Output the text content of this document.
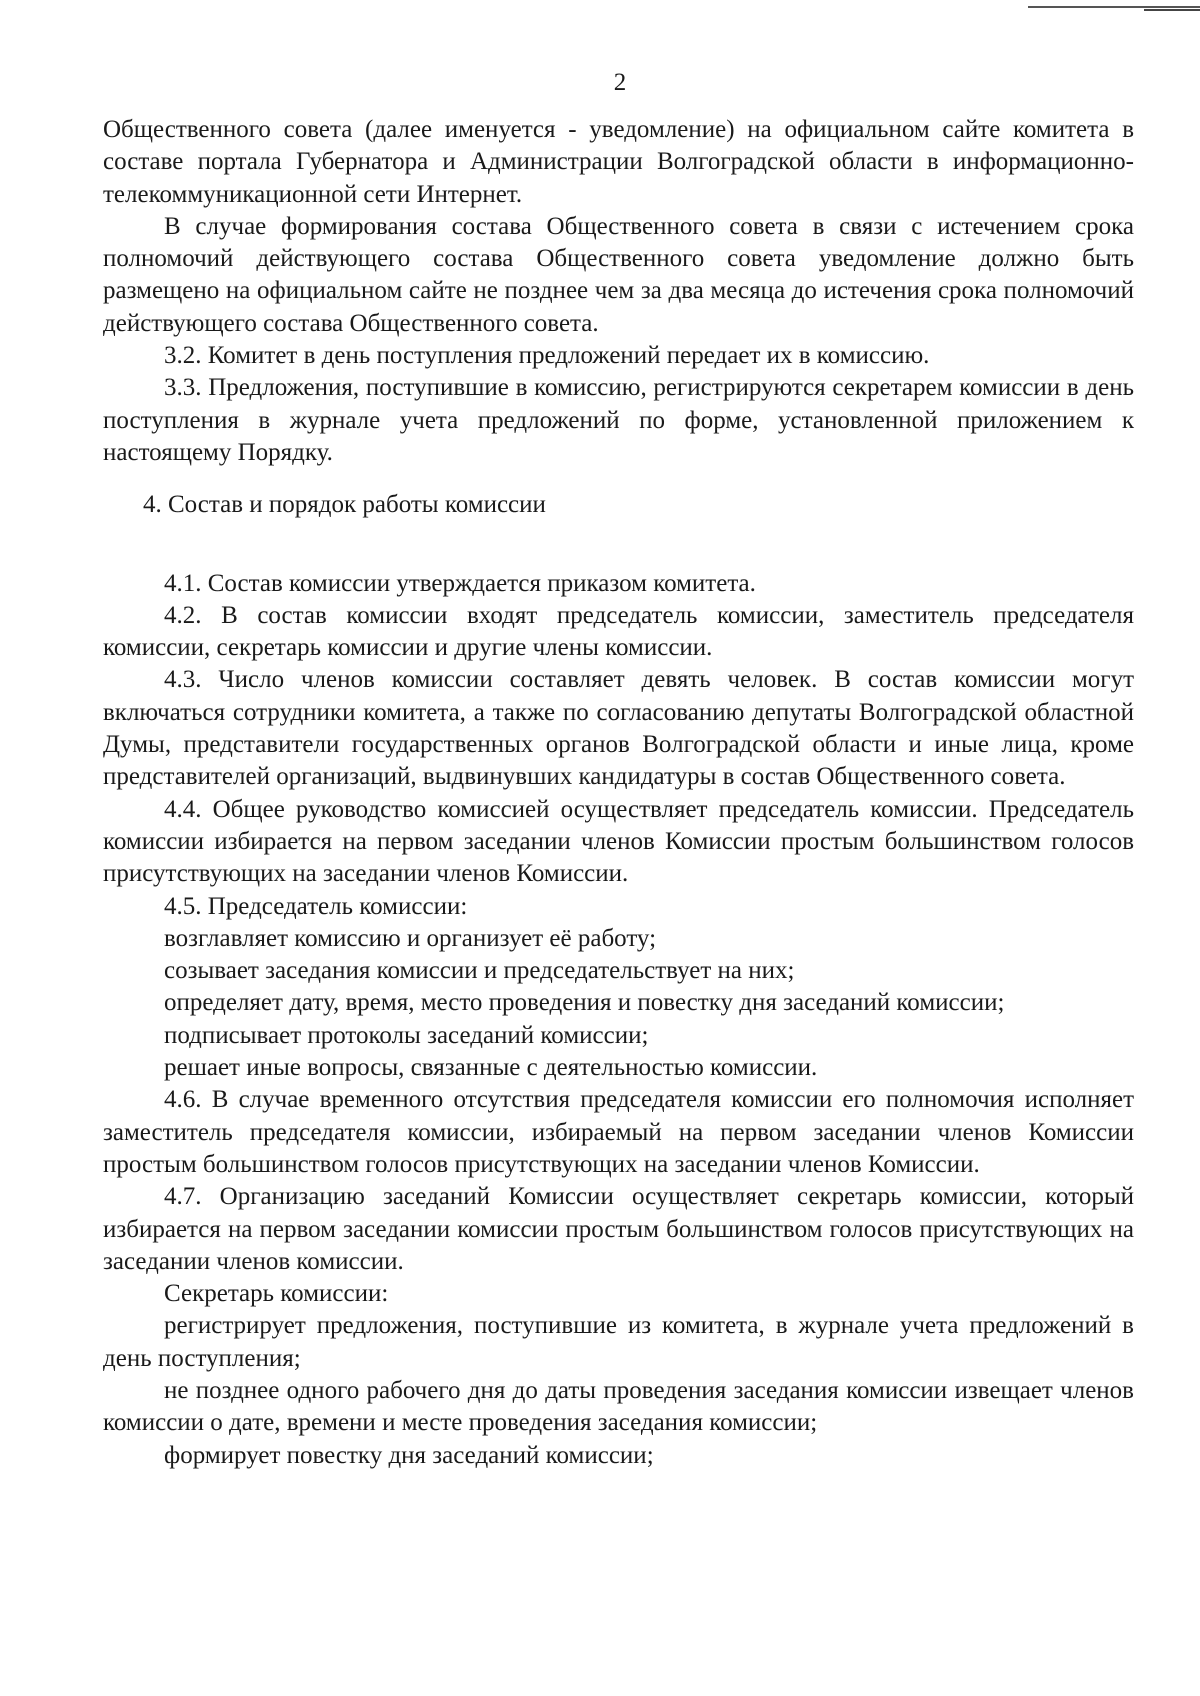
2

Общественного совета (далее именуется - уведомление) на официальном сайте комитета в составе портала Губернатора и Администрации Волгоградской области в информационно-телекоммуникационной сети Интернет.

В случае формирования состава Общественного совета в связи с истечением срока полномочий действующего состава Общественного совета уведомление должно быть размещено на официальном сайте не позднее чем за два месяца до истечения срока полномочий действующего состава Общественного совета.

3.2. Комитет в день поступления предложений передает их в комиссию.

3.3. Предложения, поступившие в комиссию, регистрируются секретарем комиссии в день поступления в журнале учета предложений по форме, установленной приложением к настоящему Порядку.

4. Состав и порядок работы комиссии

4.1. Состав комиссии утверждается приказом комитета.

4.2. В состав комиссии входят председатель комиссии, заместитель председателя комиссии, секретарь комиссии и другие члены комиссии.

4.3. Число членов комиссии составляет девять человек. В состав комиссии могут включаться сотрудники комитета, а также по согласованию депутаты Волгоградской областной Думы, представители государственных органов Волгоградской области и иные лица, кроме представителей организаций, выдвинувших кандидатуры в состав Общественного совета.

4.4. Общее руководство комиссией осуществляет председатель комиссии. Председатель комиссии избирается на первом заседании членов Комиссии простым большинством голосов присутствующих на заседании членов Комиссии.

4.5. Председатель комиссии:

возглавляет комиссию и организует её работу;

созывает заседания комиссии и председательствует на них;

определяет дату, время, место проведения и повестку дня заседаний комиссии;

подписывает протоколы заседаний комиссии;

решает иные вопросы, связанные с деятельностью комиссии.

4.6. В случае временного отсутствия председателя комиссии его полномочия исполняет заместитель председателя комиссии, избираемый на первом заседании членов Комиссии простым большинством голосов присутствующих на заседании членов Комиссии.

4.7. Организацию заседаний Комиссии осуществляет секретарь комиссии, который избирается на первом заседании комиссии простым большинством голосов присутствующих на заседании членов комиссии.

Секретарь комиссии:

регистрирует предложения, поступившие из комитета, в журнале учета предложений в день поступления;

не позднее одного рабочего дня до даты проведения заседания комиссии извещает членов комиссии о дате, времени и месте проведения заседания комиссии;

формирует повестку дня заседаний комиссии;
